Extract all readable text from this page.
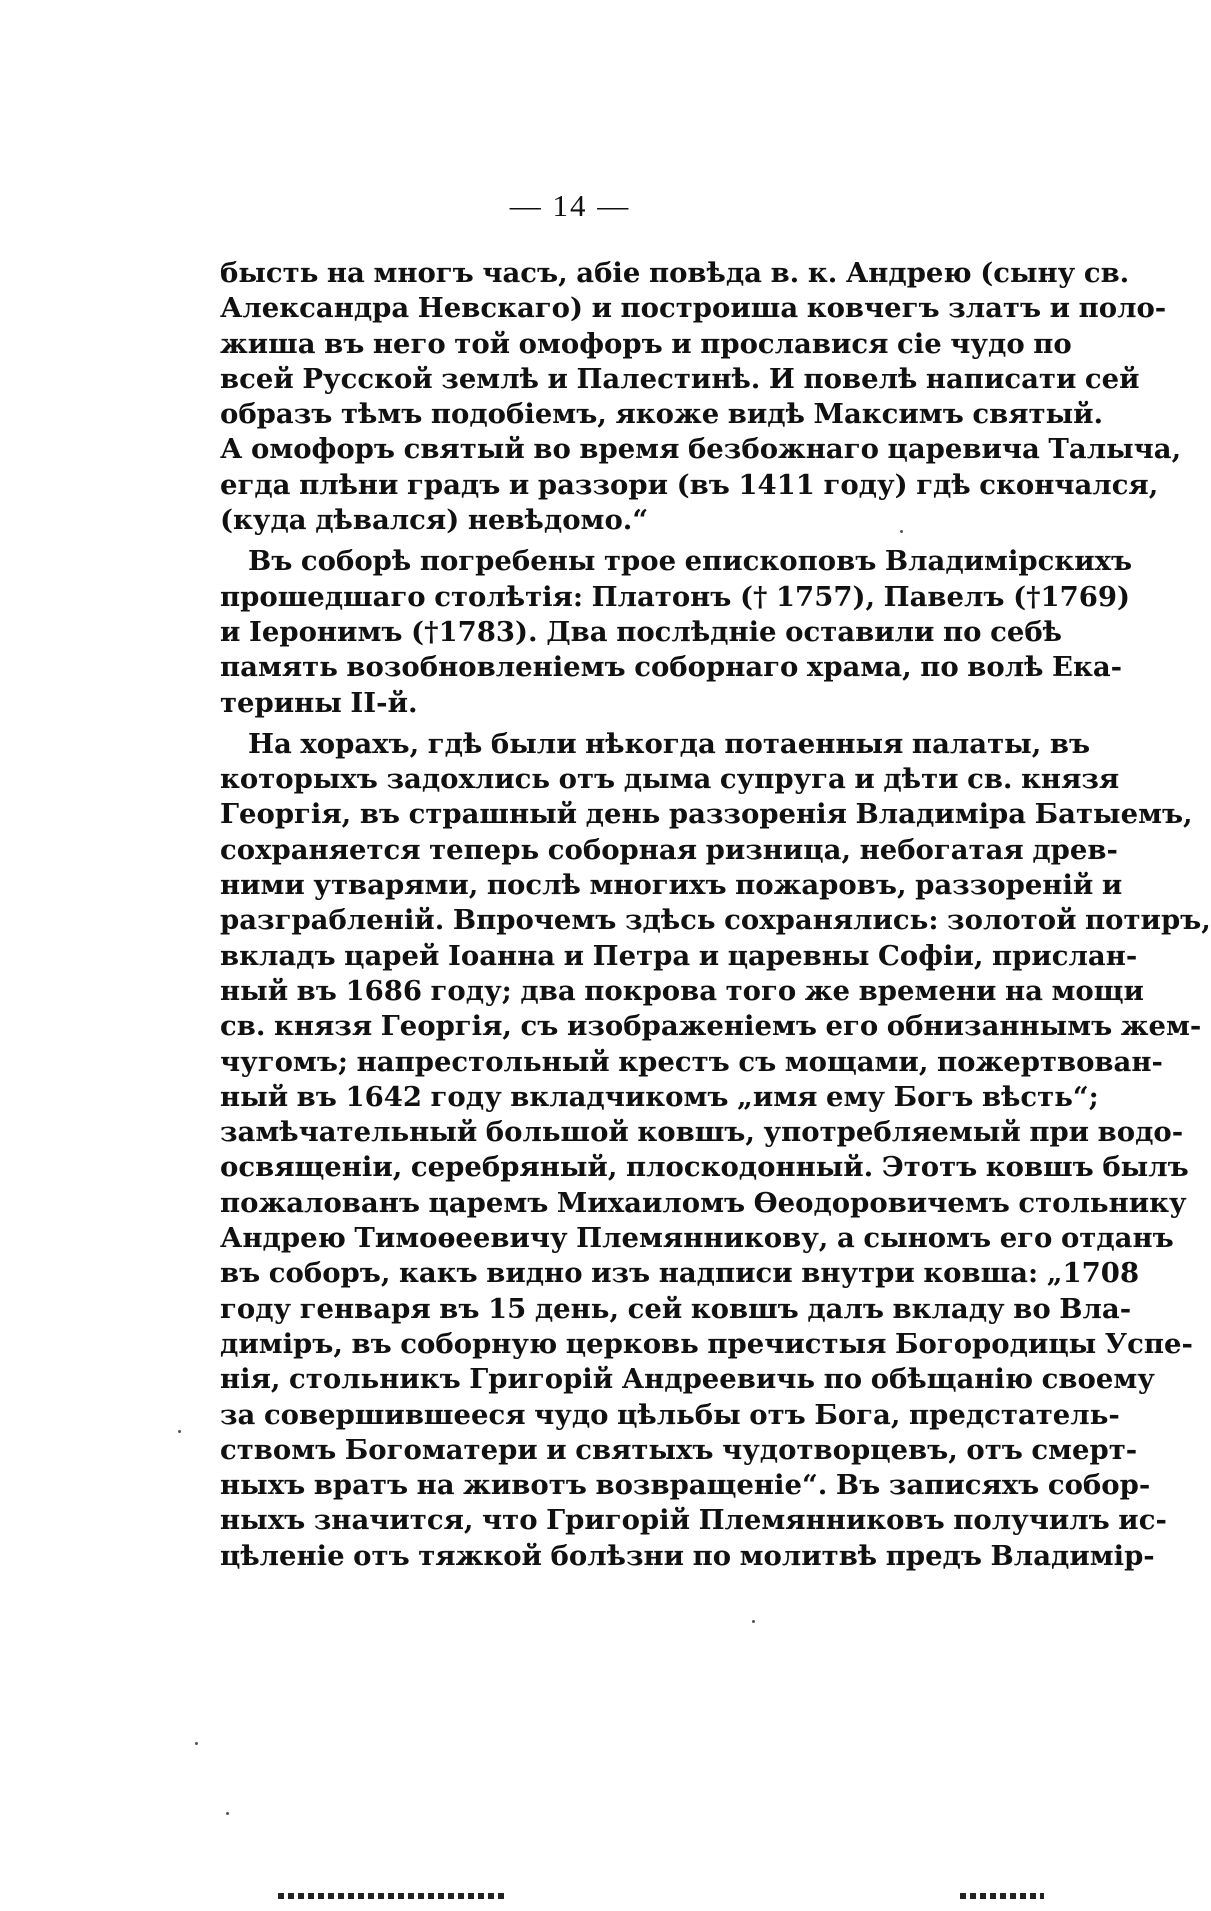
— 14 —
бысть на многъ часъ, абіе повѣда в. к. Андрею (сыну св.
Александра Невскаго) и построиша ковчегъ златъ и поло-
жиша въ него той омофоръ и прославися сіе чудо по
всей Русской землѣ и Палестинѣ. И повелѣ написати сей
образъ тѣмъ подобіемъ, якоже видѣ Максимъ святый.
А омофоръ святый во время безбожнаго царевича Талыча,
егда плѣни градъ и раззори (въ 1411 году) гдѣ скончался,
(куда дѣвался) невѣдомо.“
Въ соборѣ погребены трое епископовъ Владимірскихъ
прошедшаго столѣтія: Платонъ († 1757), Павелъ (†1769)
и Іеронимъ (†1783). Два послѣдніе оставили по себѣ
память возобновленіемъ соборнаго храма, по волѣ Ека-
терины II-й.
На хорахъ, гдѣ были нѣкогда потаенныя палаты, въ
которыхъ задохлись отъ дыма супруга и дѣти св. князя
Георгія, въ страшный день раззоренія Владиміра Батыемъ,
сохраняется теперь соборная ризница, небогатая древ-
ними утварями, послѣ многихъ пожаровъ, раззореній и
разграбленій. Впрочемъ здѣсь сохранялись: золотой потиръ,
вкладъ царей Іоанна и Петра и царевны Софіи, прислан-
ный въ 1686 году; два покрова того же времени на мощи
св. князя Георгія, съ изображеніемъ его обнизаннымъ жем-
чугомъ; напрестольный крестъ съ мощами, пожертвован-
ный въ 1642 году вкладчикомъ „имя ему Богъ вѣсть“;
замѣчательный большой ковшъ, употребляемый при водо-
освященіи, серебряный, плоскодонный. Этотъ ковшъ былъ
пожалованъ царемъ Михаиломъ Ѳеодоровичемъ стольнику
Андрею Тимоѳеевичу Племянникову, а сыномъ его отданъ
въ соборъ, какъ видно изъ надписи внутри ковша: „1708
году генваря въ 15 день, сей ковшъ далъ вкладу во Вла-
диміръ, въ соборную церковь пречистыя Богородицы Успе-
нія, стольникъ Григорій Андреевичь по обѣщанію своему
за совершившееся чудо цѣльбы отъ Бога, предстатель-
ствомъ Богоматери и святыхъ чудотворцевъ, отъ смерт-
ныхъ вратъ на животъ возвращеніе“. Въ записяхъ собор-
ныхъ значится, что Григорій Племянниковъ получилъ ис-
цѣленіе отъ тяжкой болѣзни по молитвѣ предъ Владимір-
